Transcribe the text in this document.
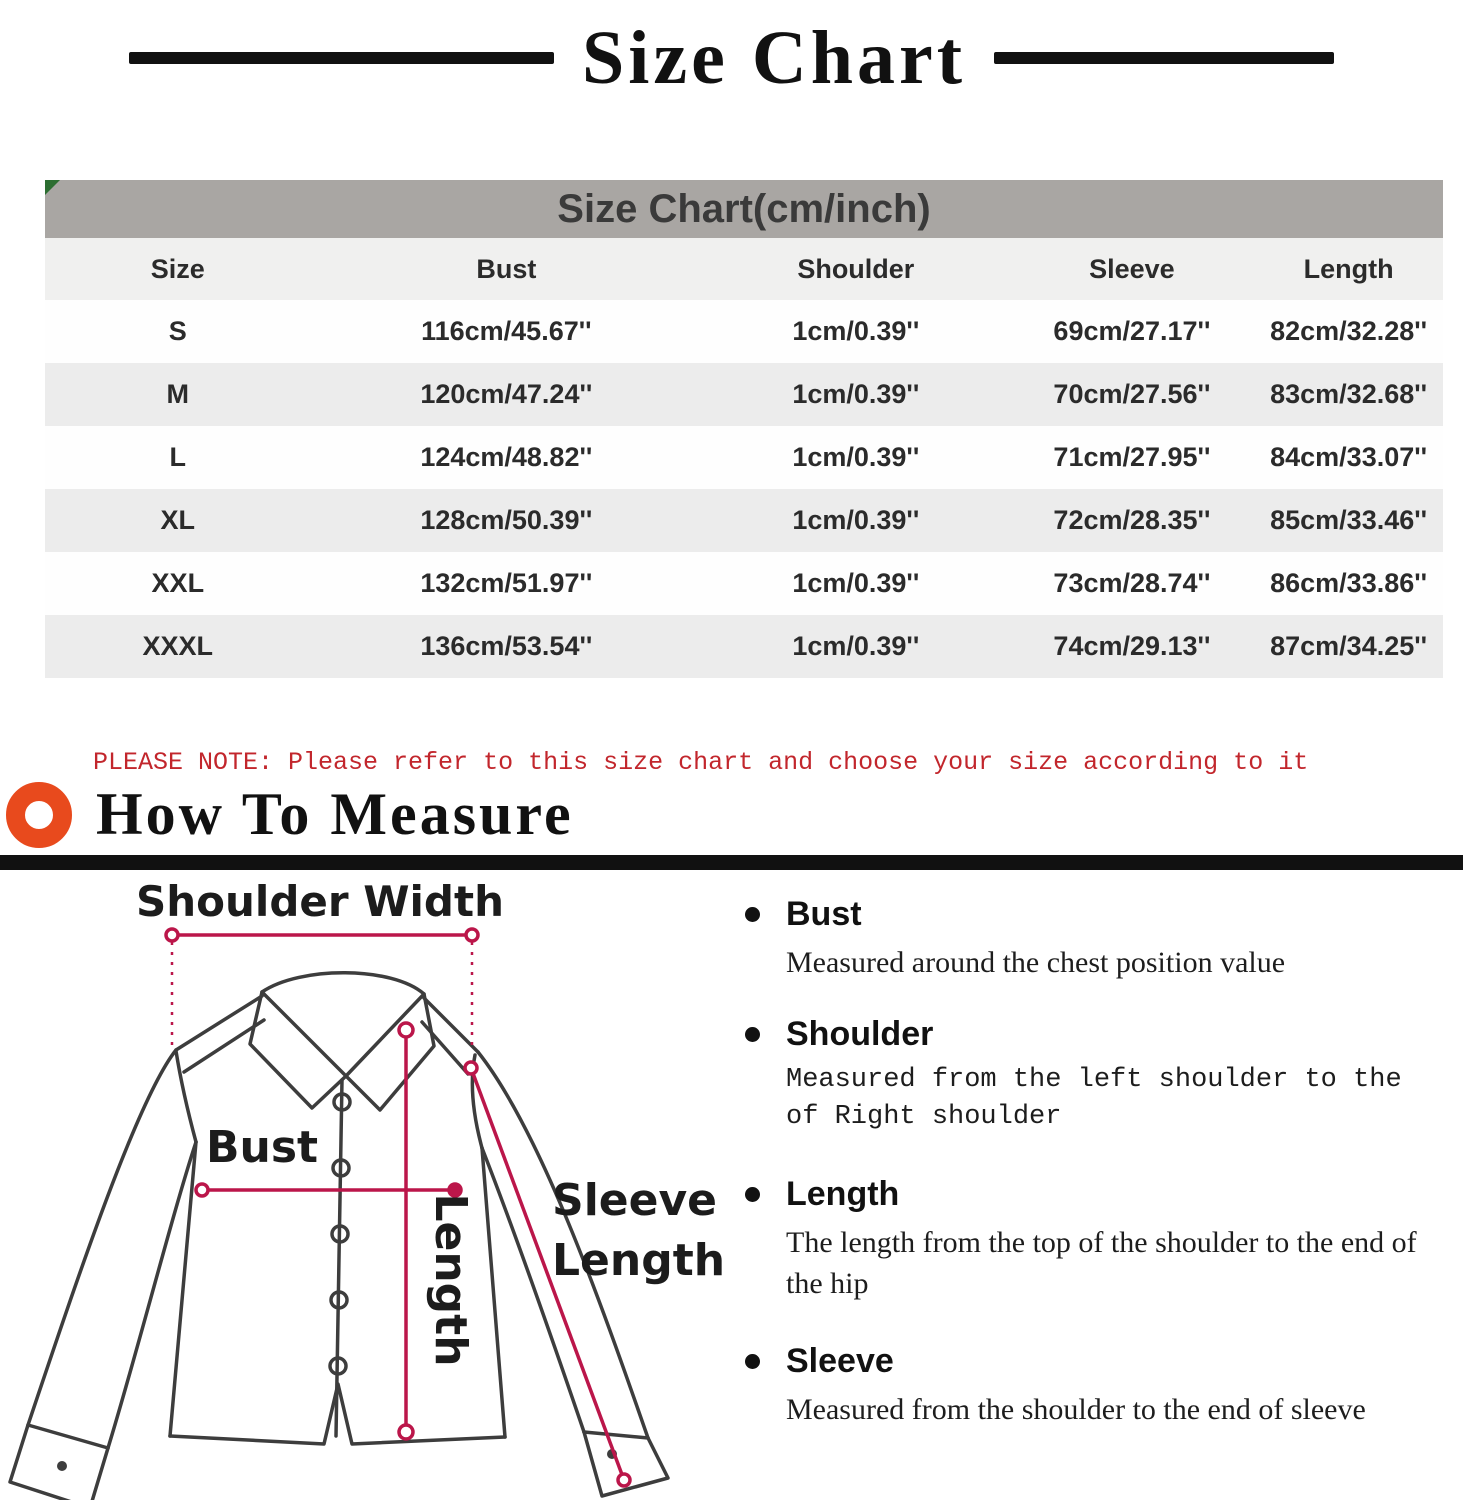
Size Chart
Size Chart(cm/inch)				
Size	Bust	Shoulder	Sleeve	Length
S	116cm/45.67''	1cm/0.39''	69cm/27.17''	82cm/32.28''
M	120cm/47.24''	1cm/0.39''	70cm/27.56''	83cm/32.68''
L	124cm/48.82''	1cm/0.39''	71cm/27.95''	84cm/33.07''
XL	128cm/50.39''	1cm/0.39''	72cm/28.35''	85cm/33.46''
XXL	132cm/51.97''	1cm/0.39''	73cm/28.74''	86cm/33.86''
XXXL	136cm/53.54''	1cm/0.39''	74cm/29.13''	87cm/34.25''
PLEASE NOTE: Please refer to this size chart and choose your size according to it
How To Measure
Shoulder Width
Bust
Length Sleeve
Length
Bust
Measured around the chest position value
Shoulder
Measured from the left shoulder to the of Right shoulder
Length
The length from the top of the shoulder to the end of the hip
Sleeve
Measured from the shoulder to the end of sleeve
